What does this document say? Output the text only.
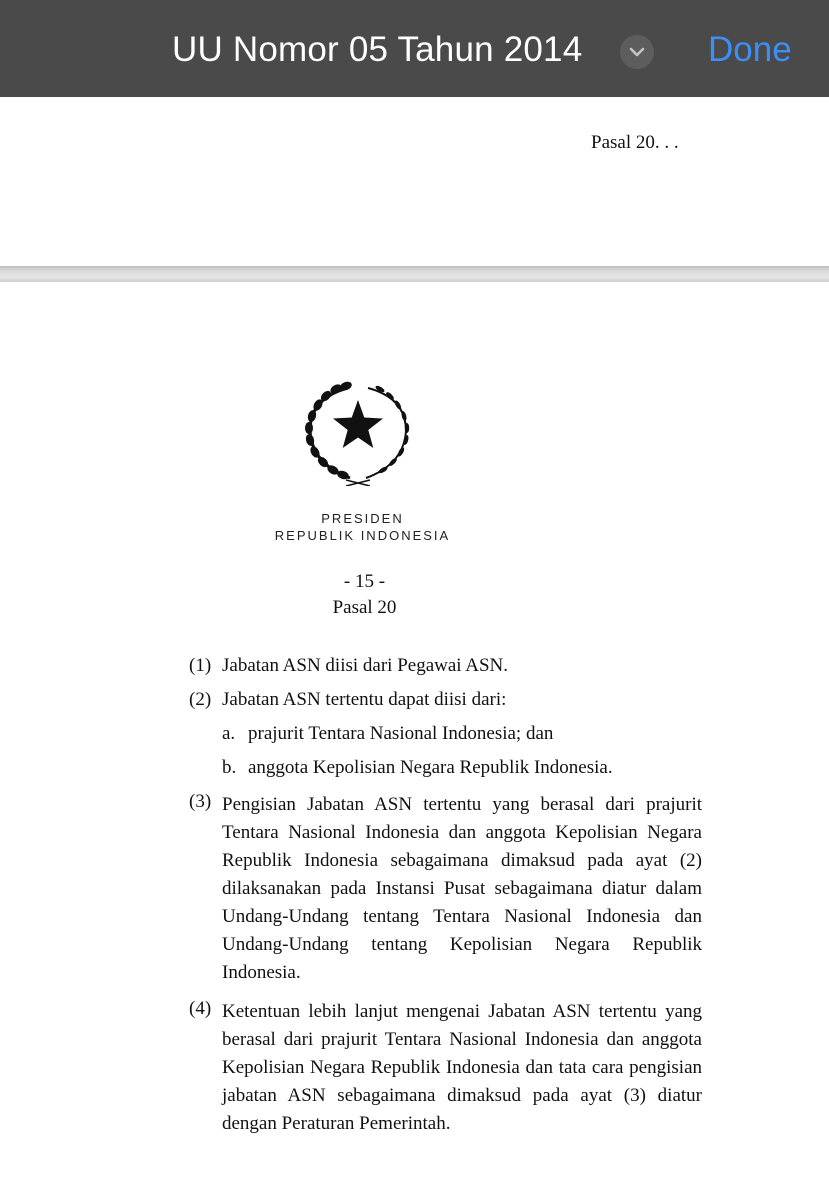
UU Nomor 05 Tahun 2014	Done
Pasal 20. . .
PRESIDEN
REPUBLIK INDONESIA
- 15 -
Pasal 20
(1) Jabatan ASN diisi dari Pegawai ASN.
(2) Jabatan ASN tertentu dapat diisi dari:
a. prajurit Tentara Nasional Indonesia; dan
b. anggota Kepolisian Negara Republik Indonesia.
(3) Pengisian Jabatan ASN tertentu yang berasal dari prajurit Tentara Nasional Indonesia dan anggota Kepolisian Negara Republik Indonesia sebagaimana dimaksud pada ayat (2) dilaksanakan pada Instansi Pusat sebagaimana diatur dalam Undang-Undang tentang Tentara Nasional Indonesia dan Undang-Undang tentang Kepolisian Negara Republik Indonesia.
(4) Ketentuan lebih lanjut mengenai Jabatan ASN tertentu yang berasal dari prajurit Tentara Nasional Indonesia dan anggota Kepolisian Negara Republik Indonesia dan tata cara pengisian jabatan ASN sebagaimana dimaksud pada ayat (3) diatur dengan Peraturan Pemerintah.
